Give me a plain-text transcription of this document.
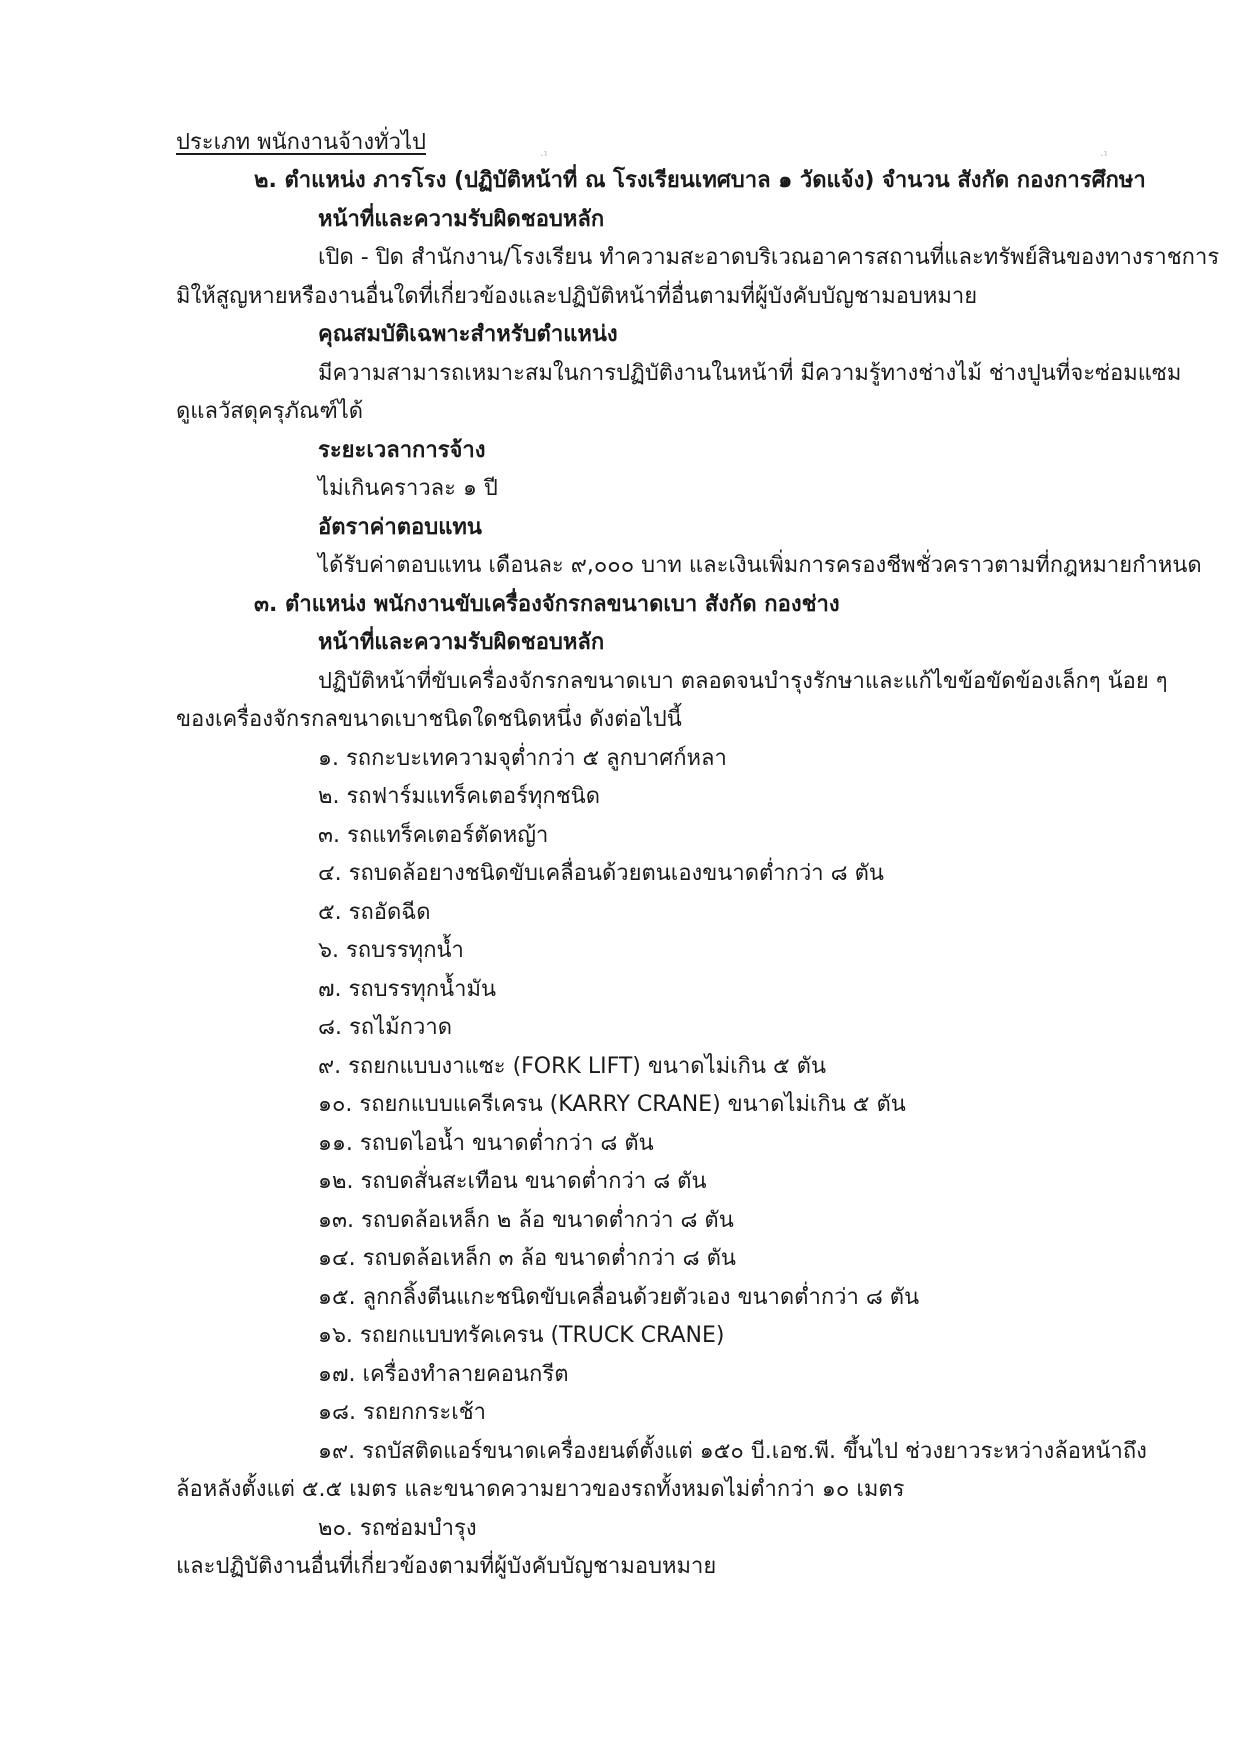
·¹	·¹
ประเภท พนักงานจ้างทั่วไป
๒. ตำแหน่ง ภารโรง (ปฏิบัติหน้าที่ ณ โรงเรียนเทศบาล ๑ วัดแจ้ง) จำนวน สังกัด กองการศึกษา
หน้าที่และความรับผิดชอบหลัก
เปิด - ปิด สำนักงาน/โรงเรียน ทำความสะอาดบริเวณอาคารสถานที่และทรัพย์สินของทางราชการ
มิให้สูญหายหรืองานอื่นใดที่เกี่ยวข้องและปฏิบัติหน้าที่อื่นตามที่ผู้บังคับบัญชามอบหมาย
คุณสมบัติเฉพาะสำหรับตำแหน่ง
มีความสามารถเหมาะสมในการปฏิบัติงานในหน้าที่ มีความรู้ทางช่างไม้ ช่างปูนที่จะซ่อมแซม
ดูแลวัสดุครุภัณฑ์ได้
ระยะเวลาการจ้าง
ไม่เกินคราวละ ๑ ปี
อัตราค่าตอบแทน
ได้รับค่าตอบแทน เดือนละ ๙,๐๐๐ บาท และเงินเพิ่มการครองชีพชั่วคราวตามที่กฎหมายกำหนด
๓. ตำแหน่ง พนักงานขับเครื่องจักรกลขนาดเบา สังกัด กองช่าง
หน้าที่และความรับผิดชอบหลัก
ปฏิบัติหน้าที่ขับเครื่องจักรกลขนาดเบา ตลอดจนบำรุงรักษาและแก้ไขข้อขัดข้องเล็กๆ น้อย ๆ
ของเครื่องจักรกลขนาดเบาชนิดใดชนิดหนึ่ง ดังต่อไปนี้
๑. รถกะบะเทความจุต่ำกว่า ๕ ลูกบาศก์หลา
๒. รถฟาร์มแทร็คเตอร์ทุกชนิด
๓. รถแทร็คเตอร์ตัดหญ้า
๔. รถบดล้อยางชนิดขับเคลื่อนด้วยตนเองขนาดต่ำกว่า ๘ ตัน
๕. รถอัดฉีด
๖. รถบรรทุกน้ำ
๗. รถบรรทุกน้ำมัน
๘. รถไม้กวาด
๙. รถยกแบบงาแซะ (FORK LIFT) ขนาดไม่เกิน ๕ ตัน
๑๐. รถยกแบบแครีเครน (KARRY CRANE) ขนาดไม่เกิน ๕ ตัน
๑๑. รถบดไอน้ำ ขนาดต่ำกว่า ๘ ตัน
๑๒. รถบดสั่นสะเทือน ขนาดต่ำกว่า ๘ ตัน
๑๓. รถบดล้อเหล็ก ๒ ล้อ ขนาดต่ำกว่า ๘ ตัน
๑๔. รถบดล้อเหล็ก ๓ ล้อ ขนาดต่ำกว่า ๘ ตัน
๑๕. ลูกกลิ้งตีนแกะชนิดขับเคลื่อนด้วยตัวเอง ขนาดต่ำกว่า ๘ ตัน
๑๖. รถยกแบบทรัคเครน (TRUCK CRANE)
๑๗. เครื่องทำลายคอนกรีต
๑๘. รถยกกระเช้า
๑๙. รถบัสติดแอร์ขนาดเครื่องยนต์ตั้งแต่ ๑๕๐ บี.เอช.พี. ขึ้นไป ช่วงยาวระหว่างล้อหน้าถึง
ล้อหลังตั้งแต่ ๕.๕ เมตร และขนาดความยาวของรถทั้งหมดไม่ต่ำกว่า ๑๐ เมตร
๒๐. รถซ่อมบำรุง
และปฏิบัติงานอื่นที่เกี่ยวข้องตามที่ผู้บังคับบัญชามอบหมาย
